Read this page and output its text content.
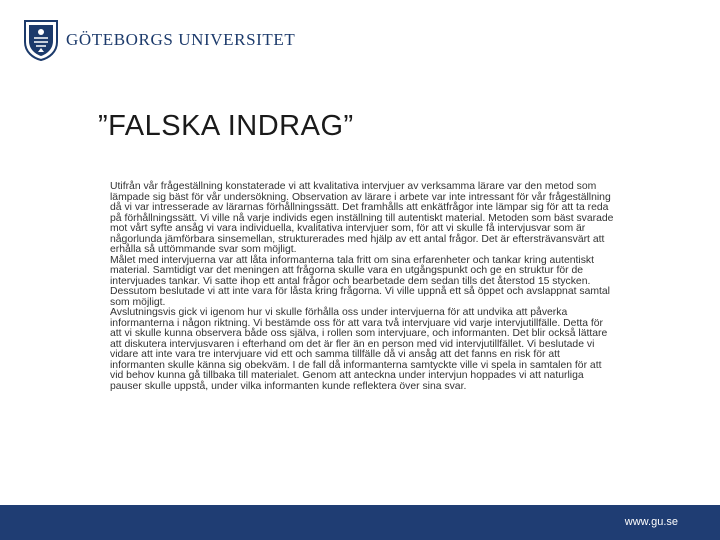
GÖTEBORGS UNIVERSITET
”FALSKA INDRAG”

Utifrån vår frågeställning konstaterade vi att kvalitativa intervjuer av verksamma lärare var den metod som lämpade sig bäst för vår undersökning. Observation av lärare i arbete var inte intressant för vår frågeställning då vi var intresserade av lärarnas förhållningssätt. Det framhålls att enkätfrågor inte lämpar sig för att ta reda på förhållningssätt. Vi ville nå varje individs egen inställning till autentiskt material. Metoden som bäst svarade mot vårt syfte ansåg vi vara individuella, kvalitativa intervjuer som, för att vi skulle få intervjusvar som är någorlunda jämförbara sinsemellan, strukturerades med hjälp av ett antal frågor. Det är eftersträvansvärt att erhålla så uttömmande svar som möjligt.

Målet med intervjuerna var att låta informanterna tala fritt om sina erfarenheter och tankar kring autentiskt material. Samtidigt var det meningen att frågorna skulle vara en utgångspunkt och ge en struktur för de intervjuades tankar. Vi satte ihop ett antal frågor och bearbetade dem sedan tills det återstod 15 stycken. Dessutom beslutade vi att inte vara för låsta kring frågorna. Vi ville uppnå ett så öppet och avslappnat samtal som möjligt.

Avslutningsvis gick vi igenom hur vi skulle förhålla oss under intervjuerna för att undvika att påverka informanterna i någon riktning. Vi bestämde oss för att vara två intervjuare vid varje intervjutillfälle. Detta för att vi skulle kunna observera både oss själva, i rollen som intervjuare, och informanten. Det blir också lättare att diskutera intervjusvaren i efterhand om det är fler än en person med vid intervjutillfället. Vi beslutade vi vidare att inte vara tre intervjuare vid ett och samma tillfälle då vi ansåg att det fanns en risk för att informanten skulle känna sig obekväm. I de fall då informanterna samtyckte ville vi spela in samtalen för att vid behov kunna gå tillbaka till materialet. Genom att anteckna under intervjun hoppades vi att naturliga pauser skulle uppstå, under vilka informanten kunde reflektera över sina svar.

www.gu.se
